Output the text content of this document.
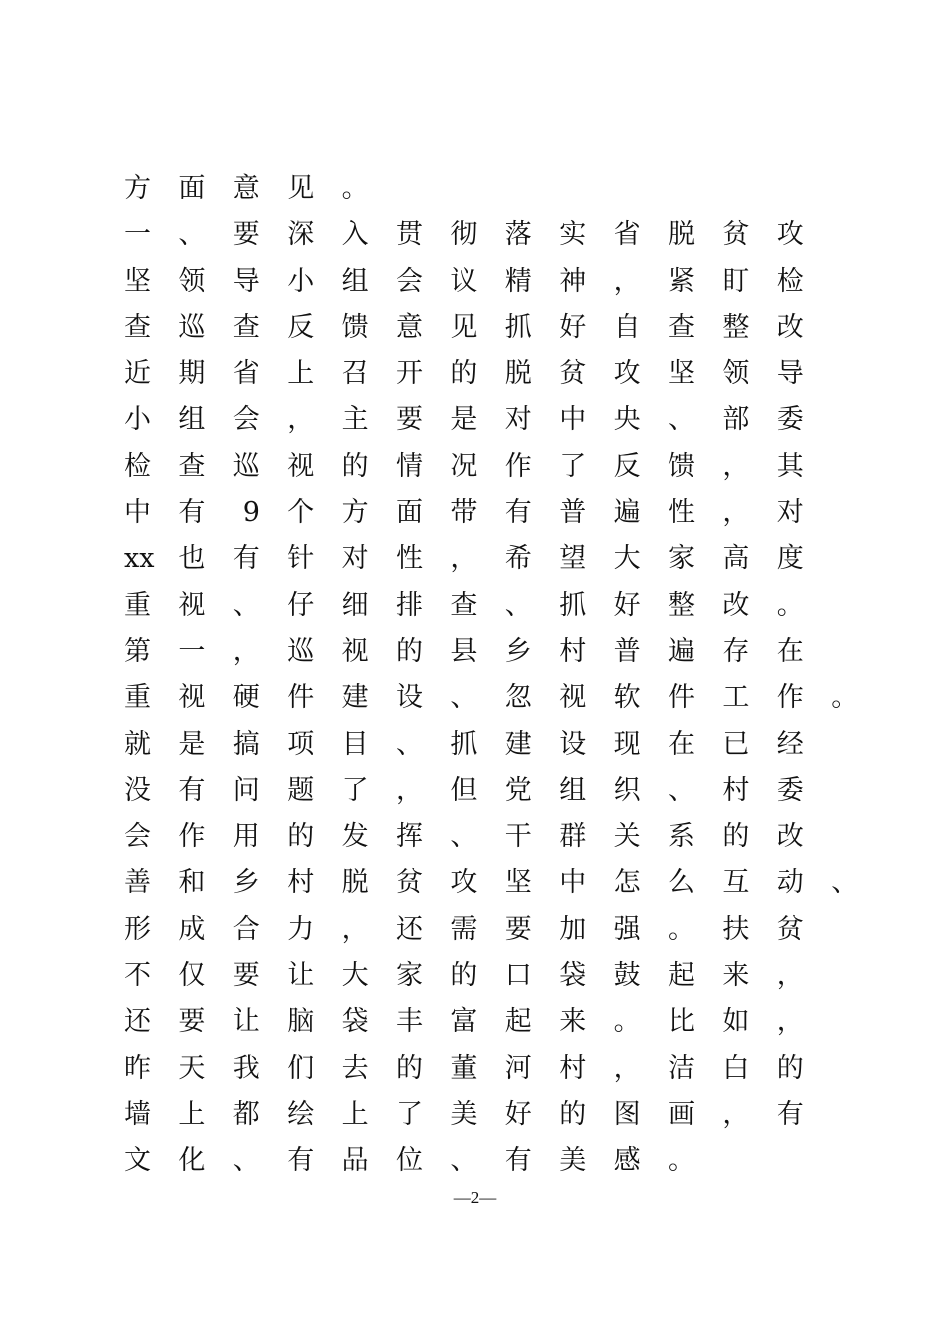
方 面 意 见 。
一 、 要 深 入 贯 彻 落 实 省 脱 贫 攻
坚 领 导 小 组 会 议 精 神 ， 紧 盯 检
查 巡 查 反 馈 意 见 抓 好 自 查 整 改
近 期 省 上 召 开 的 脱 贫 攻 坚 领 导
小 组 会 ， 主 要 是 对 中 央 、 部 委
检 查 巡 视 的 情 况 作 了 反 馈 ， 其
中 有 9	个 方 面 带 有 普 遍 性 ， 对
xx 也 有 针 对 性 ， 希 望 大 家 高 度
重 视 、 仔 细 排 查 、 抓 好 整 改 。
第 一 ， 巡 视 的 县 乡 村 普 遍 存 在
重 视 硬 件 建 设 、 忽 视 软 件 工 作 。
就 是 搞 项 目 、 抓 建 设 现 在 已 经
没 有 问 题 了 ， 但 党 组 织 、 村 委
会 作 用 的 发 挥 、 干 群 关 系 的 改
善 和 乡 村 脱 贫 攻 坚 中 怎 么 互 动 、
形 成 合 力 ， 还 需 要 加 强 。 扶 贫
不 仅 要 让 大 家 的 口 袋 鼓 起 来 ，
还 要 让 脑 袋 丰 富 起 来 。 比 如 ，
昨 天 我 们 去 的 董 河 村 ， 洁 白 的
墙 上 都 绘 上 了 美 好 的 图 画 ， 有
文 化 、 有 品 位 、 有 美 感 。
—2—
